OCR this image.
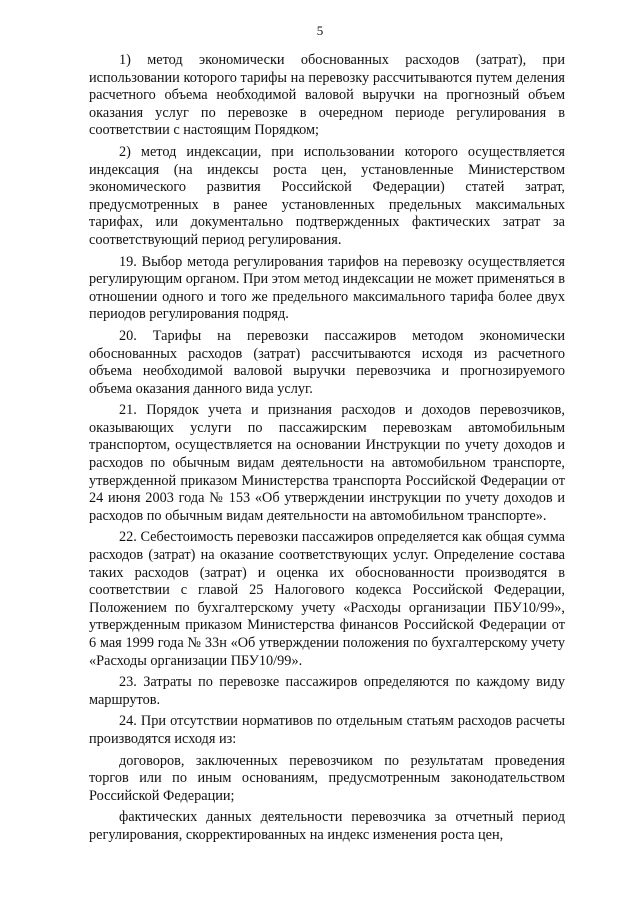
5

1) метод экономически обоснованных расходов (затрат), при использовании которого тарифы на перевозку рассчитываются путем деления расчетного объема необходимой валовой выручки на прогнозный объем оказания услуг по перевозке в очередном периоде регулирования в соответствии с настоящим Порядком;

2) метод индексации, при использовании которого осуществляется индексация (на индексы роста цен, установленные Министерством экономического развития Российской Федерации) статей затрат, предусмотренных в ранее установленных предельных максимальных тарифах, или документально подтвержденных фактических затрат за соответствующий период регулирования.

19. Выбор метода регулирования тарифов на перевозку осуществляется регулирующим органом. При этом метод индексации не может применяться в отношении одного и того же предельного максимального тарифа более двух периодов регулирования подряд.

20. Тарифы на перевозки пассажиров методом экономически обоснованных расходов (затрат) рассчитываются исходя из расчетного объема необходимой валовой выручки перевозчика и прогнозируемого объема оказания данного вида услуг.

21. Порядок учета и признания расходов и доходов перевозчиков, оказывающих услуги по пассажирским перевозкам автомобильным транспортом, осуществляется на основании Инструкции по учету доходов и расходов по обычным видам деятельности на автомобильном транспорте, утвержденной приказом Министерства транспорта Российской Федерации от 24 июня 2003 года № 153 «Об утверждении инструкции по учету доходов и расходов по обычным видам деятельности на автомобильном транспорте».

22. Себестоимость перевозки пассажиров определяется как общая сумма расходов (затрат) на оказание соответствующих услуг. Определение состава таких расходов (затрат) и оценка их обоснованности производятся в соответствии с главой 25 Налогового кодекса Российской Федерации, Положением по бухгалтерскому учету «Расходы организации ПБУ10/99», утвержденным приказом Министерства финансов Российской Федерации от 6 мая 1999 года № 33н «Об утверждении положения по бухгалтерскому учету «Расходы организации ПБУ10/99».

23. Затраты по перевозке пассажиров определяются по каждому виду маршрутов.

24. При отсутствии нормативов по отдельным статьям расходов расчеты производятся исходя из:

договоров, заключенных перевозчиком по результатам проведения торгов или по иным основаниям, предусмотренным законодательством Российской Федерации;

фактических данных деятельности перевозчика за отчетный период регулирования, скорректированных на индекс изменения роста цен,
